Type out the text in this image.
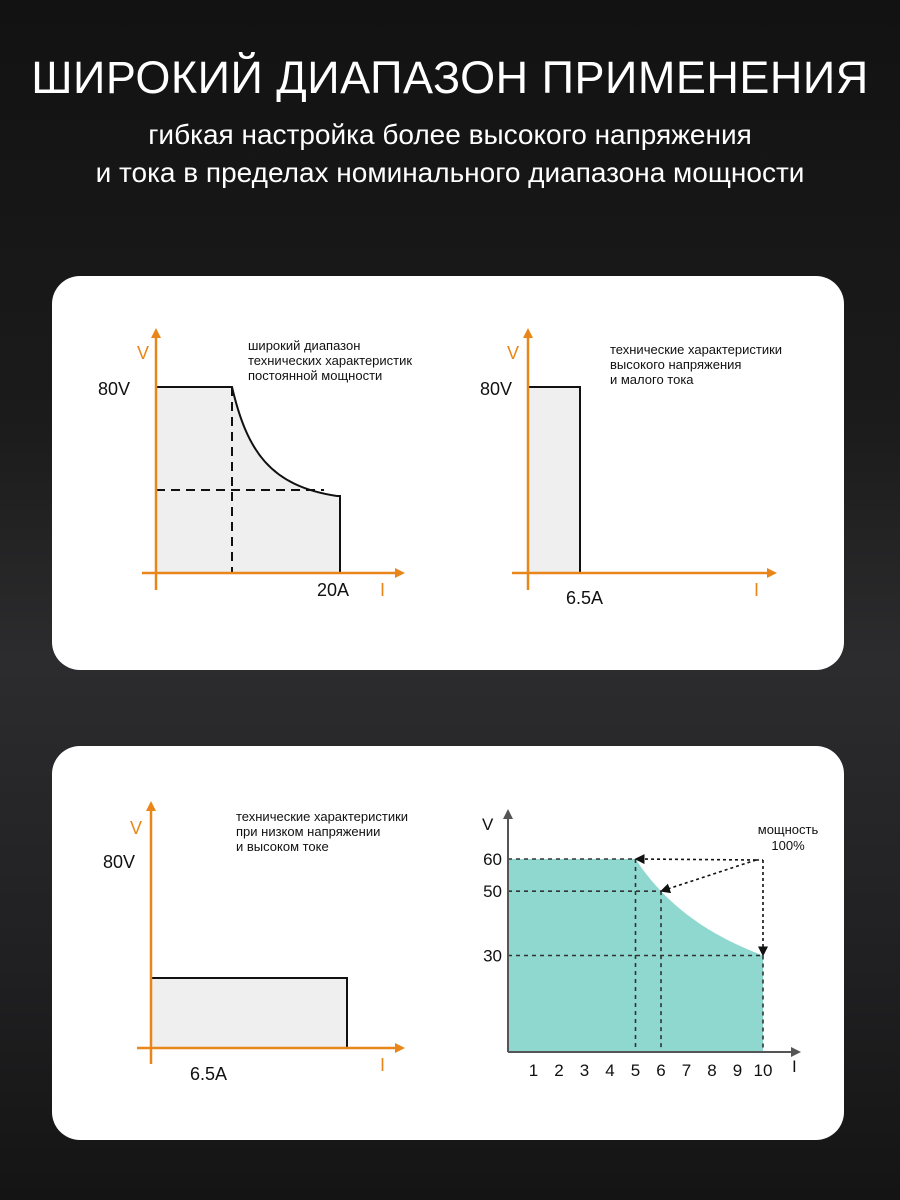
ШИРОКИЙ ДИАПАЗОН ПРИМЕНЕНИЯ
гибкая настройка более высокого напряжения
и тока в пределах номинального диапазона мощности
V
I
80V
20A
широкий диапазон
технических характеристик
постоянной мощности
V
I
80V
6.5A
технические характеристики
высокого напряжения
и малого тока
V
I
80V
6.5A
технические характеристики
при низком напряжении
и высоком токе
V
I
1 2 3 4 5 6 7 8 9 10
30
50
60
мощность
100%
